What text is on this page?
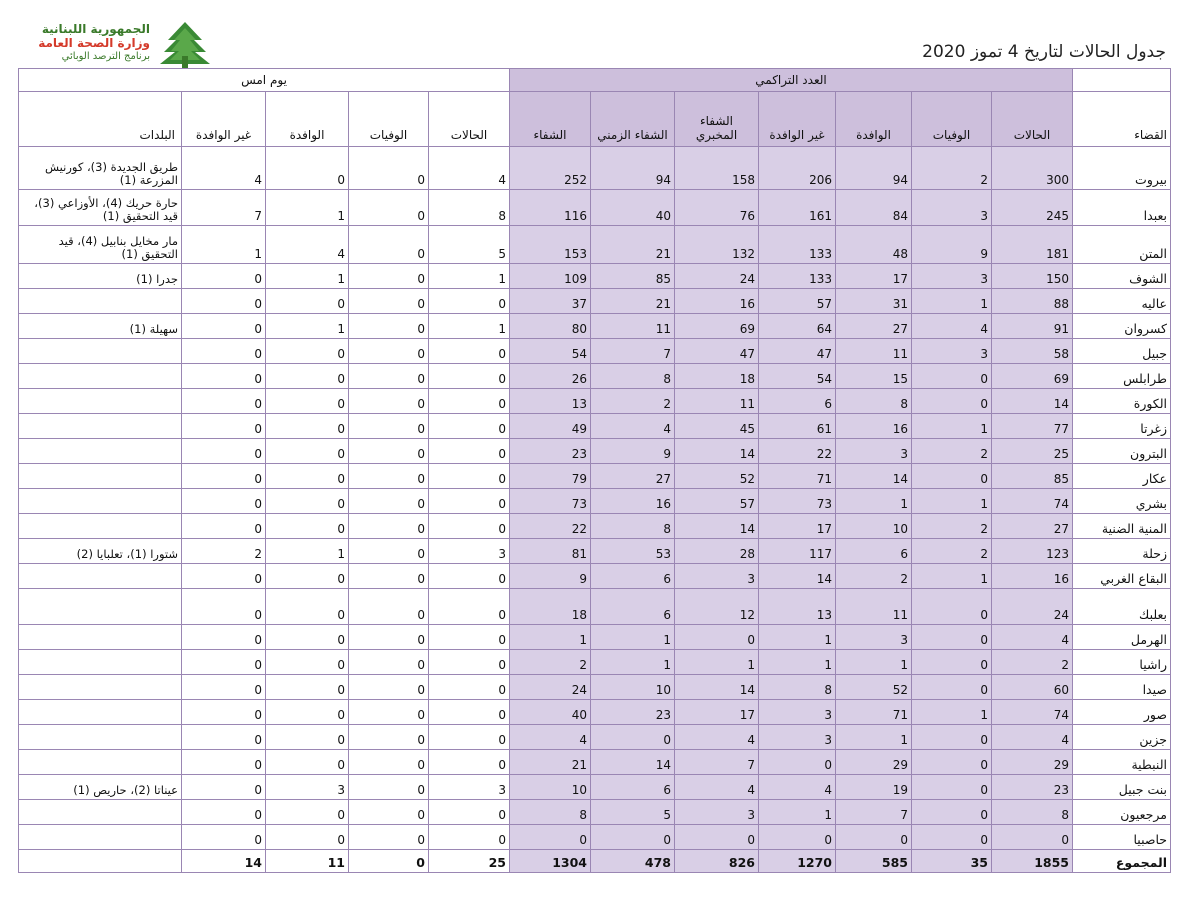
الجمهورية اللبنانية
وزارة الصحة العامة
برنامج الترصد الوبائي	جدول الحالات لتاريخ 4 تموز 2020
يوم امس					العدد التراكمي							
البلدات	غير الوافدة	الوافدة	الوفيات	الحالات	الشفاء	الشفاء الزمني	الشفاء المخبري	غير الوافدة	الوافدة	الوفيات	الحالات	القضاء
طريق الجديدة (3)، كورنيش المزرعة (1)	4	0	0	4	252	94	158	206	94	2	300	بيروت
حارة حريك (4)، الأوزاعي (3)، قيد التحقيق (1)	7	1	0	8	116	40	76	161	84	3	245	بعبدا
مار مخايل بنابيل (4)، قيد التحقيق (1)	1	4	0	5	153	21	132	133	48	9	181	المتن
جدرا (1)	0	1	0	1	109	85	24	133	17	3	150	الشوف
	0	0	0	0	37	21	16	57	31	1	88	عاليه
سهيلة (1)	0	1	0	1	80	11	69	64	27	4	91	كسروان
	0	0	0	0	54	7	47	47	11	3	58	جبيل
	0	0	0	0	26	8	18	54	15	0	69	طرابلس
	0	0	0	0	13	2	11	6	8	0	14	الكورة
	0	0	0	0	49	4	45	61	16	1	77	زغرتا
	0	0	0	0	23	9	14	22	3	2	25	البترون
	0	0	0	0	79	27	52	71	14	0	85	عكار
	0	0	0	0	73	16	57	73	1	1	74	بشري
	0	0	0	0	22	8	14	17	10	2	27	المنية الضنية
شتورا (1)، تعلبايا (2)	2	1	0	3	81	53	28	117	6	2	123	زحلة
	0	0	0	0	9	6	3	14	2	1	16	البقاع الغربي
	0	0	0	0	18	6	12	13	11	0	24	بعلبك
	0	0	0	0	1	1	0	1	3	0	4	الهرمل
	0	0	0	0	2	1	1	1	1	0	2	راشيا
	0	0	0	0	24	10	14	8	52	0	60	صيدا
	0	0	0	0	40	23	17	3	71	1	74	صور
	0	0	0	0	4	0	4	3	1	0	4	جزين
	0	0	0	0	21	14	7	0	29	0	29	النبطية
عيناتا (2)، حاريص (1)	0	3	0	3	10	6	4	4	19	0	23	بنت جبيل
	0	0	0	0	8	5	3	1	7	0	8	مرجعيون
	0	0	0	0	0	0	0	0	0	0	0	حاصبيا
	14	11	0	25	1304	478	826	1270	585	35	1855	المجموع
